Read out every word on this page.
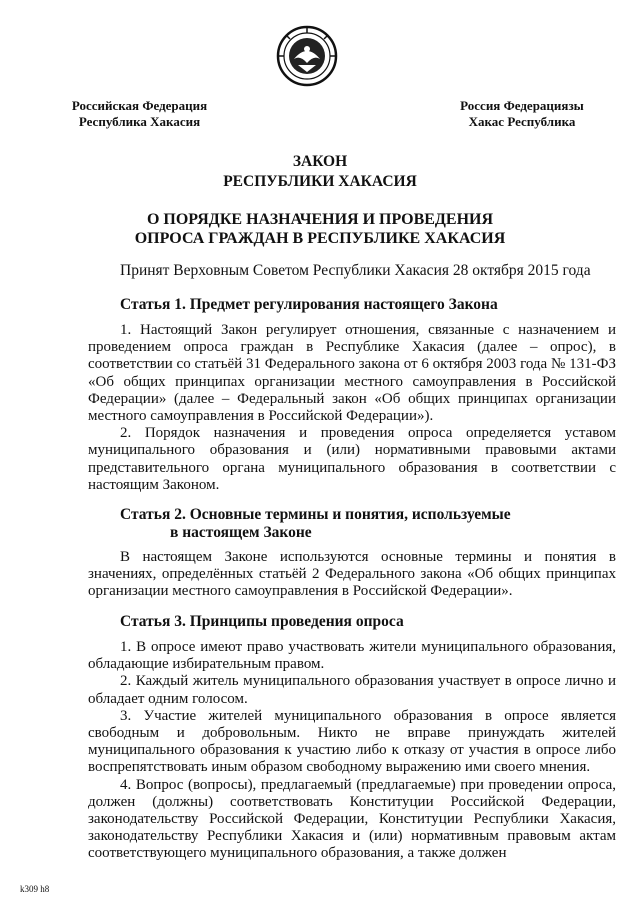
Российская Федерация
Республика Хакасия
Россия Федерациязы
Хакас Республика
ЗАКОН
РЕСПУБЛИКИ ХАКАСИЯ
О ПОРЯДКЕ НАЗНАЧЕНИЯ И ПРОВЕДЕНИЯ
ОПРОСА ГРАЖДАН В РЕСПУБЛИКЕ ХАКАСИЯ
Принят Верховным Советом Республики Хакасия 28 октября 2015 года
Статья 1. Предмет регулирования настоящего Закона

1. Настоящий Закон регулирует отношения, связанные с назначением и проведением опроса граждан в Республике Хакасия (далее – опрос), в соответствии со статьёй 31 Федерального закона от 6 октября 2003 года № 131-ФЗ «Об общих принципах организации местного самоуправления в Российской Федерации» (далее – Федеральный закон «Об общих принципах организации местного самоуправления в Российской Федерации»).

2. Порядок назначения и проведения опроса определяется уставом муниципального образования и (или) нормативными правовыми актами представительного органа муниципального образования в соответствии с настоящим Законом.

Статья 2. Основные термины и понятия, используемые
в настоящем Законе

В настоящем Законе используются основные термины и понятия в значениях, определённых статьёй 2 Федерального закона «Об общих принципах организации местного самоуправления в Российской Федерации».

Статья 3. Принципы проведения опроса

1. В опросе имеют право участвовать жители муниципального образования, обладающие избирательным правом.

2. Каждый житель муниципального образования участвует в опросе лично и обладает одним голосом.

3. Участие жителей муниципального образования в опросе является свободным и добровольным. Никто не вправе принуждать жителей муниципального образования к участию либо к отказу от участия в опросе либо воспрепятствовать иным образом свободному выражению ими своего мнения.

4. Вопрос (вопросы), предлагаемый (предлагаемые) при проведении опроса, должен (должны) соответствовать Конституции Российской Федерации, законодательству Российской Федерации, Конституции Республики Хакасия, законодательству Республики Хакасия и (или) нормативным правовым актам соответствующего муниципального образования, а также должен

k309 h8
